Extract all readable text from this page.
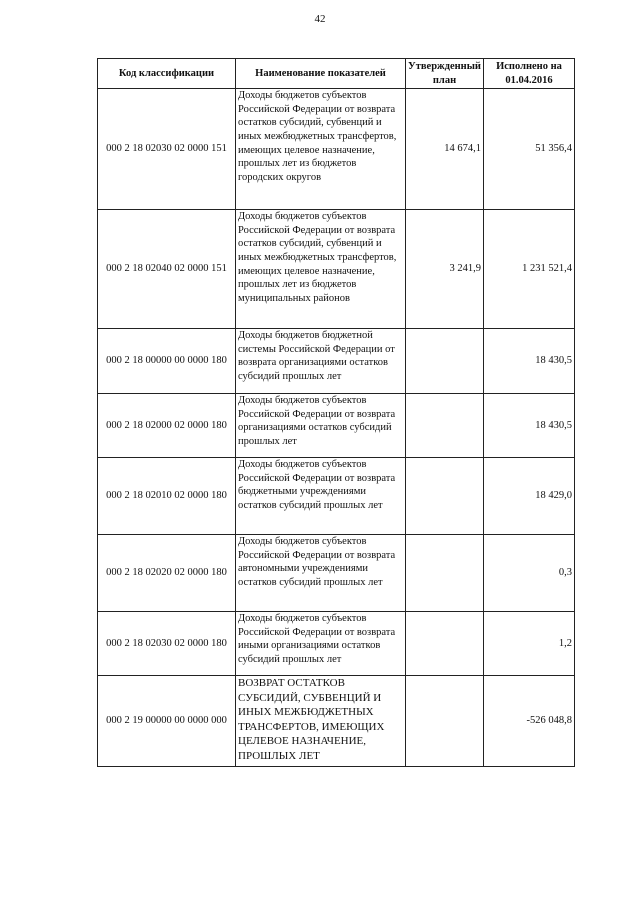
42
Код классификации	Наименование показателей	Утвержденный план	Исполнено на 01.04.2016
000 2 18 02030 02 0000 151	Доходы бюджетов субъектов Российской Федерации от возврата остатков субсидий, субвенций и иных межбюджетных трансфертов, имеющих целевое назначение, прошлых лет из бюджетов городских округов	14 674,1	51 356,4
000 2 18 02040 02 0000 151	Доходы бюджетов субъектов Российской Федерации от возврата остатков субсидий, субвенций и иных межбюджетных трансфертов, имеющих целевое назначение, прошлых лет из бюджетов муниципальных районов	3 241,9	1 231 521,4
000 2 18 00000 00 0000 180	Доходы бюджетов бюджетной системы Российской Федерации от возврата организациями остатков субсидий прошлых лет		18 430,5
000 2 18 02000 02 0000 180	Доходы бюджетов субъектов Российской Федерации от возврата организациями остатков субсидий прошлых лет		18 430,5
000 2 18 02010 02 0000 180	Доходы бюджетов субъектов Российской Федерации от возврата бюджетными учреждениями остатков субсидий прошлых лет		18 429,0
000 2 18 02020 02 0000 180	Доходы бюджетов субъектов Российской Федерации от возврата автономными учреждениями остатков субсидий прошлых лет		0,3
000 2 18 02030 02 0000 180	Доходы бюджетов субъектов Российской Федерации от возврата иными организациями остатков субсидий прошлых лет		1,2
000 2 19 00000 00 0000 000	ВОЗВРАТ ОСТАТКОВ СУБСИДИЙ, СУБВЕНЦИЙ И ИНЫХ МЕЖБЮДЖЕТНЫХ ТРАНСФЕРТОВ, ИМЕЮЩИХ ЦЕЛЕВОЕ НАЗНАЧЕНИЕ, ПРОШЛЫХ ЛЕТ		-526 048,8
